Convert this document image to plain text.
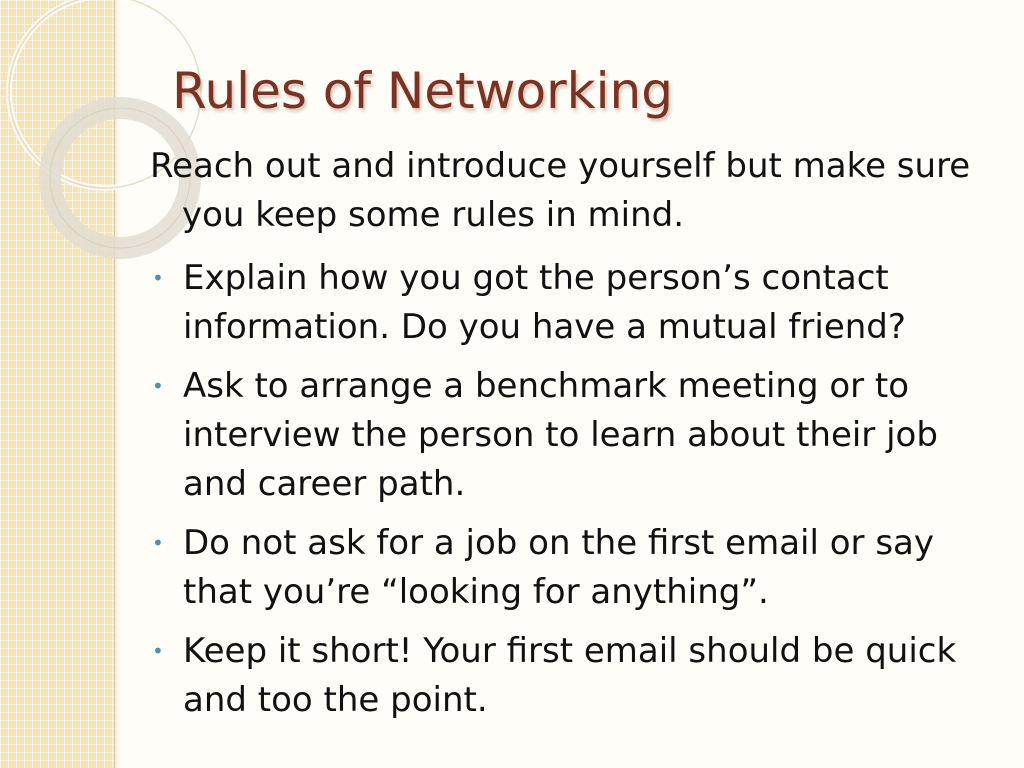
Rules of Networking

Reach out and introduce yourself but make sure you keep some rules in mind.

• Explain how you got the person’s contact information. Do you have a mutual friend?
• Ask to arrange a benchmark meeting or to interview the person to learn about their job and career path.
• Do not ask for a job on the first email or say that you’re “looking for anything”.
• Keep it short! Your first email should be quick and too the point.
